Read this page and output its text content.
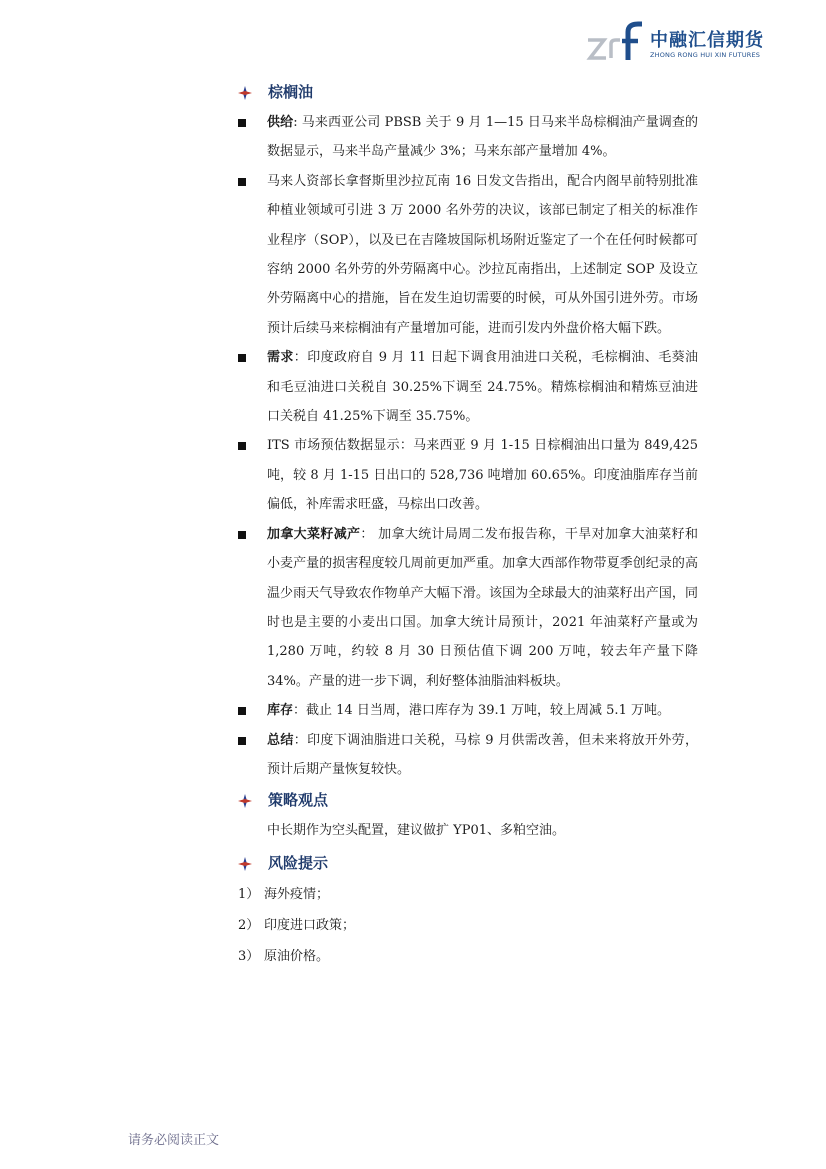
中融汇信期货
ZHONG RONG HUI XIN FUTURES
棕榈油
供给: 马来西亚公司 PBSB 关于 9 月 1—15 日马来半岛棕榈油产量调查的数据显示，马来半岛产量减少 3%；马来东部产量增加 4%。
马来人资部长拿督斯里沙拉瓦南 16 日发文告指出，配合内阁早前特别批准种植业领域可引进 3 万 2000 名外劳的决议，该部已制定了相关的标准作业程序（SOP），以及已在吉隆坡国际机场附近鉴定了一个在任何时候都可容纳 2000 名外劳的外劳隔离中心。沙拉瓦南指出，上述制定 SOP 及设立外劳隔离中心的措施，旨在发生迫切需要的时候，可从外国引进外劳。市场预计后续马来棕榈油有产量增加可能，进而引发内外盘价格大幅下跌。
需求：印度政府自 9 月 11 日起下调食用油进口关税，毛棕榈油、毛葵油和毛豆油进口关税自 30.25%下调至 24.75%。精炼棕榈油和精炼豆油进口关税自 41.25%下调至 35.75%。
ITS 市场预估数据显示：马来西亚 9 月 1-15 日棕榈油出口量为 849,425 吨，较 8 月 1-15 日出口的 528,736 吨增加 60.65%。印度油脂库存当前偏低，补库需求旺盛，马棕出口改善。
加拿大菜籽减产： 加拿大统计局周二发布报告称，干旱对加拿大油菜籽和小麦产量的损害程度较几周前更加严重。加拿大西部作物带夏季创纪录的高温少雨天气导致农作物单产大幅下滑。该国为全球最大的油菜籽出产国，同时也是主要的小麦出口国。加拿大统计局预计，2021 年油菜籽产量或为 1,280 万吨，约较 8 月 30 日预估值下调 200 万吨，较去年产量下降 34%。产量的进一步下调，利好整体油脂油料板块。
库存：截止 14 日当周，港口库存为 39.1 万吨，较上周减 5.1 万吨。
总结：印度下调油脂进口关税，马棕 9 月供需改善，但未来将放开外劳，预计后期产量恢复较快。
策略观点
中长期作为空头配置，建议做扩 YP01、多粕空油。
风险提示
1） 海外疫情；
2） 印度进口政策；
3） 原油价格。
请务必阅读正文
